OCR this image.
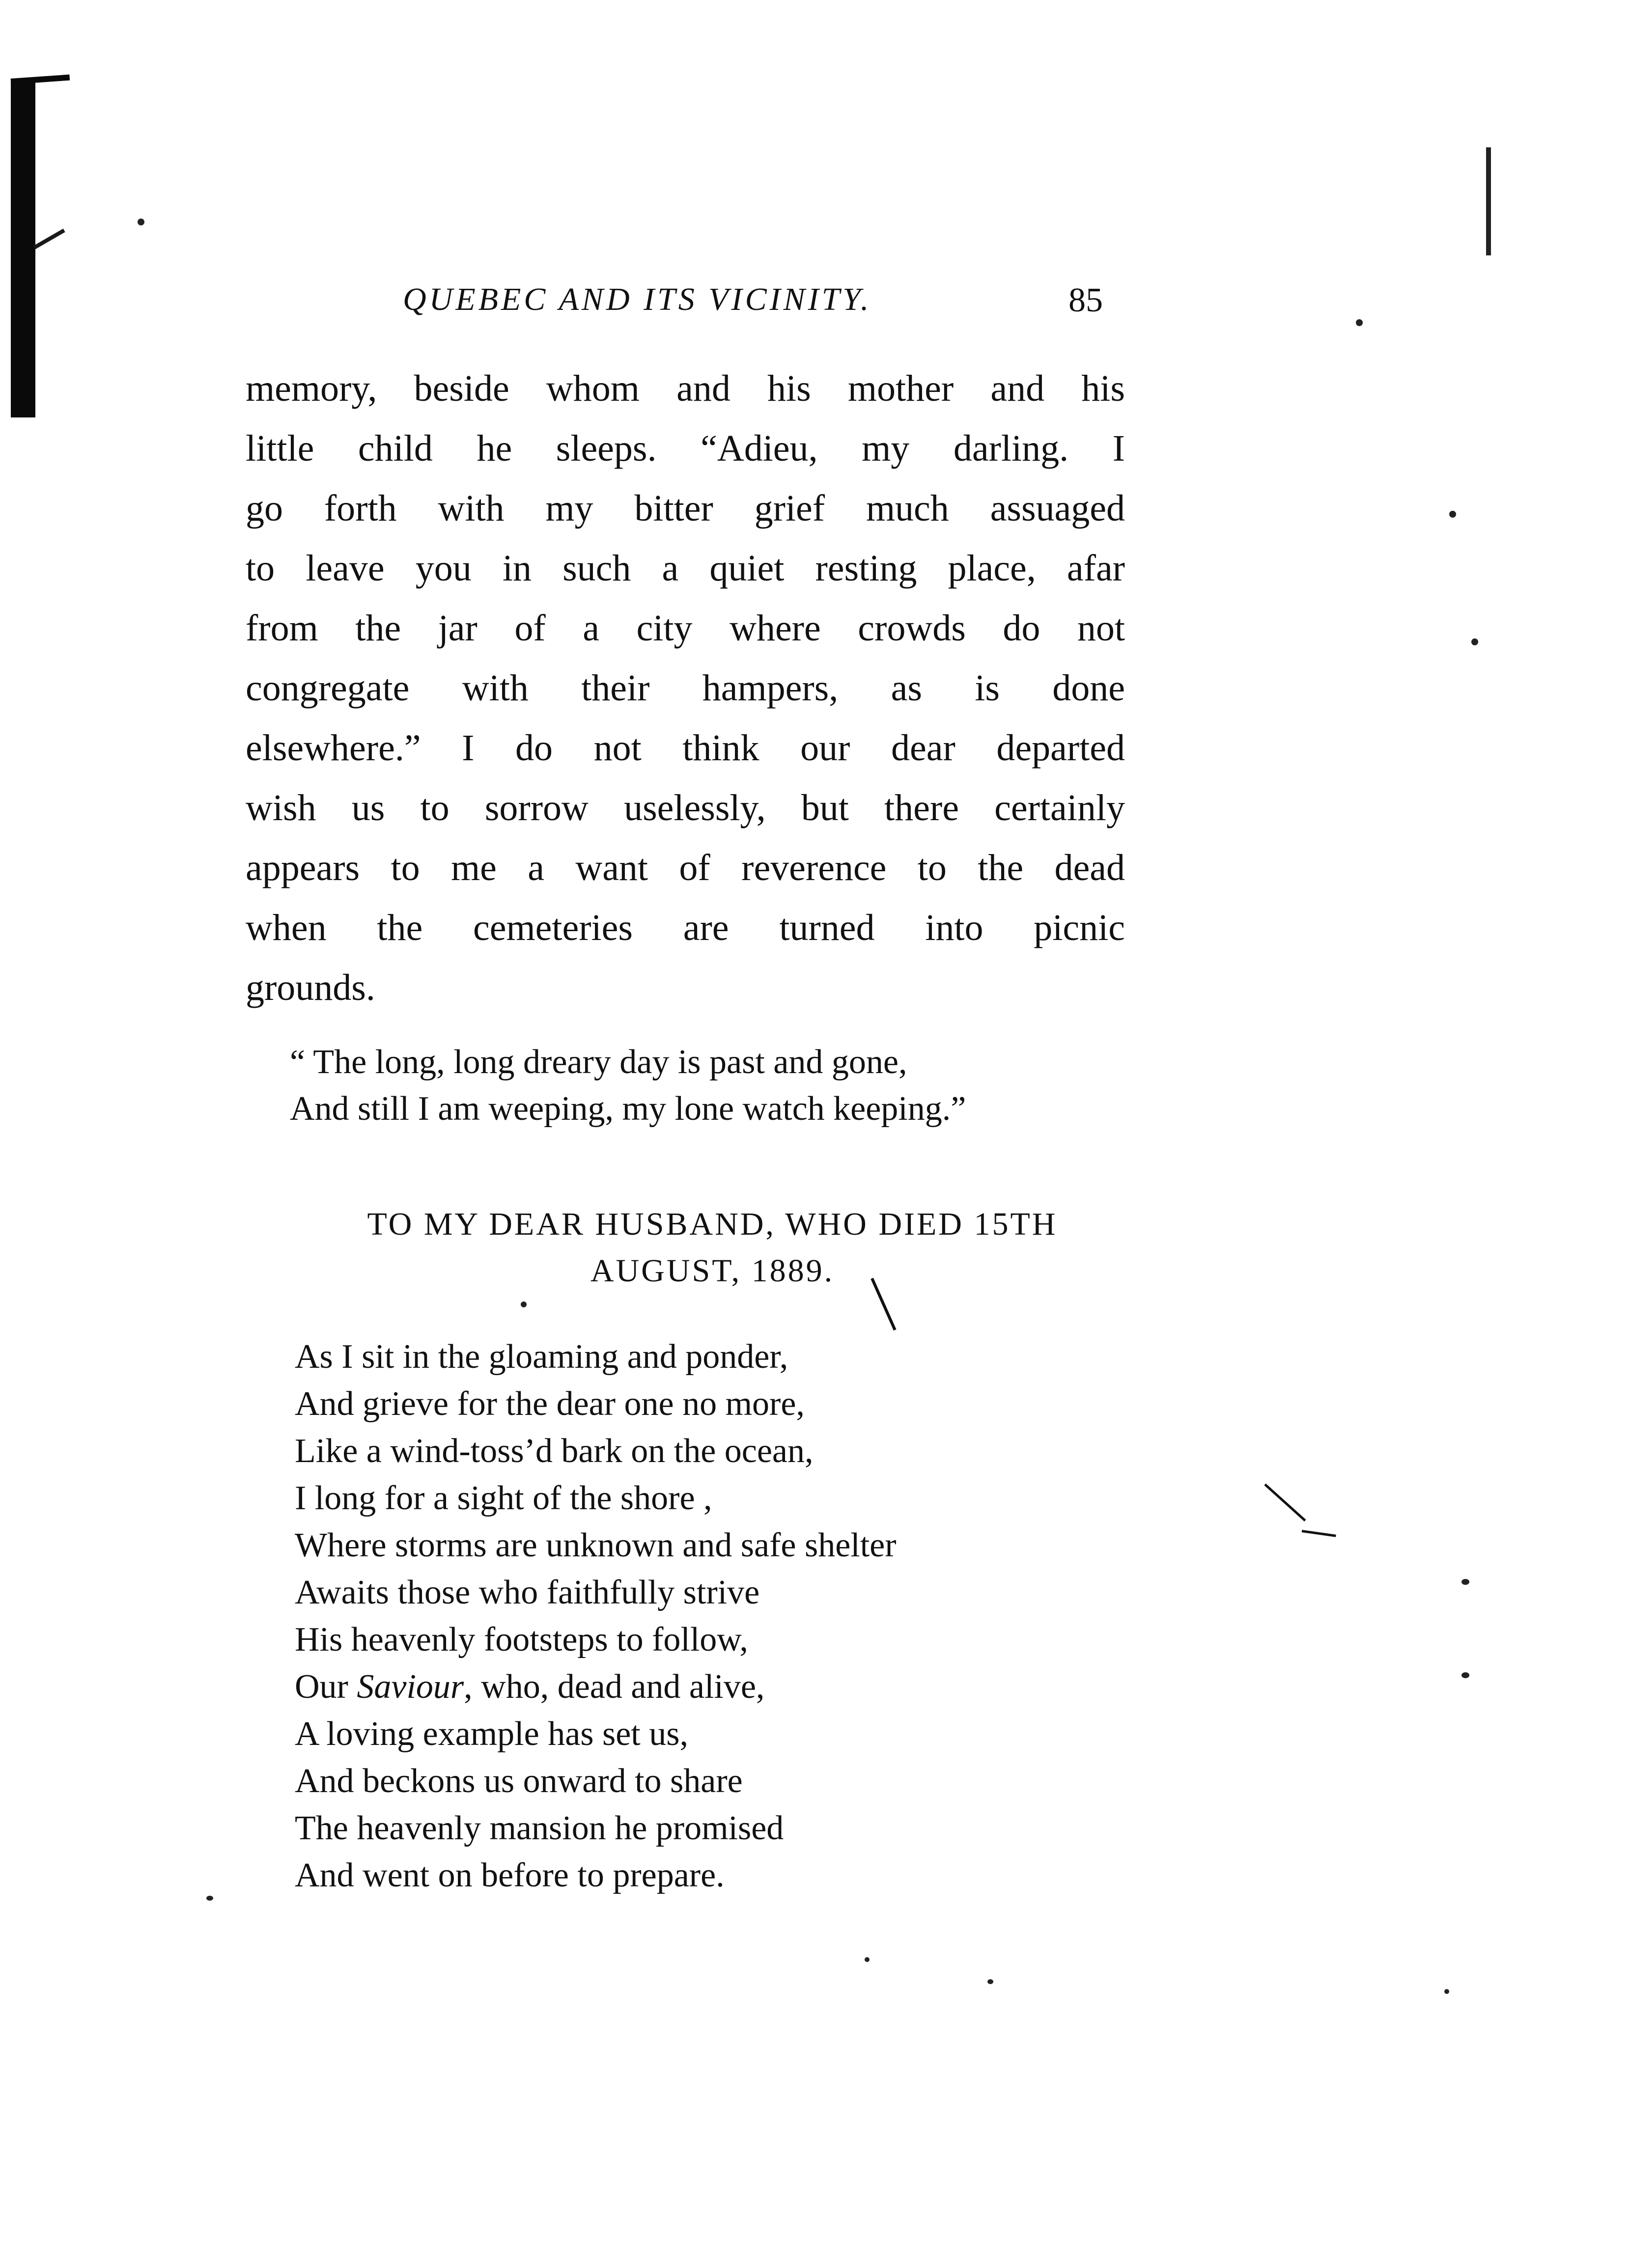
QUEBEC AND ITS VICINITY.	85
memory, beside whom and his mother and his
little child he sleeps. “Adieu, my darling. I
go forth with my bitter grief much assuaged
to leave you in such a quiet resting place, afar
from the jar of a city where crowds do not
congregate with their hampers, as is done
elsewhere.” I do not think our dear departed
wish us to sorrow uselessly, but there certainly
appears to me a want of reverence to the dead
when the cemeteries are turned into picnic
grounds.
“ The long, long dreary day is past and gone,
And still I am weeping, my lone watch keeping.”
TO MY DEAR HUSBAND, WHO DIED 15TH
AUGUST, 1889.
As I sit in the gloaming and ponder,
And grieve for the dear one no more,
Like a wind-toss’d bark on the ocean,
I long for a sight of the shore ,
Where storms are unknown and safe shelter
Awaits those who faithfully strive
His heavenly footsteps to follow,
Our Saviour, who, dead and alive,
A loving example has set us,
And beckons us onward to share
The heavenly mansion he promised
And went on before to prepare.
